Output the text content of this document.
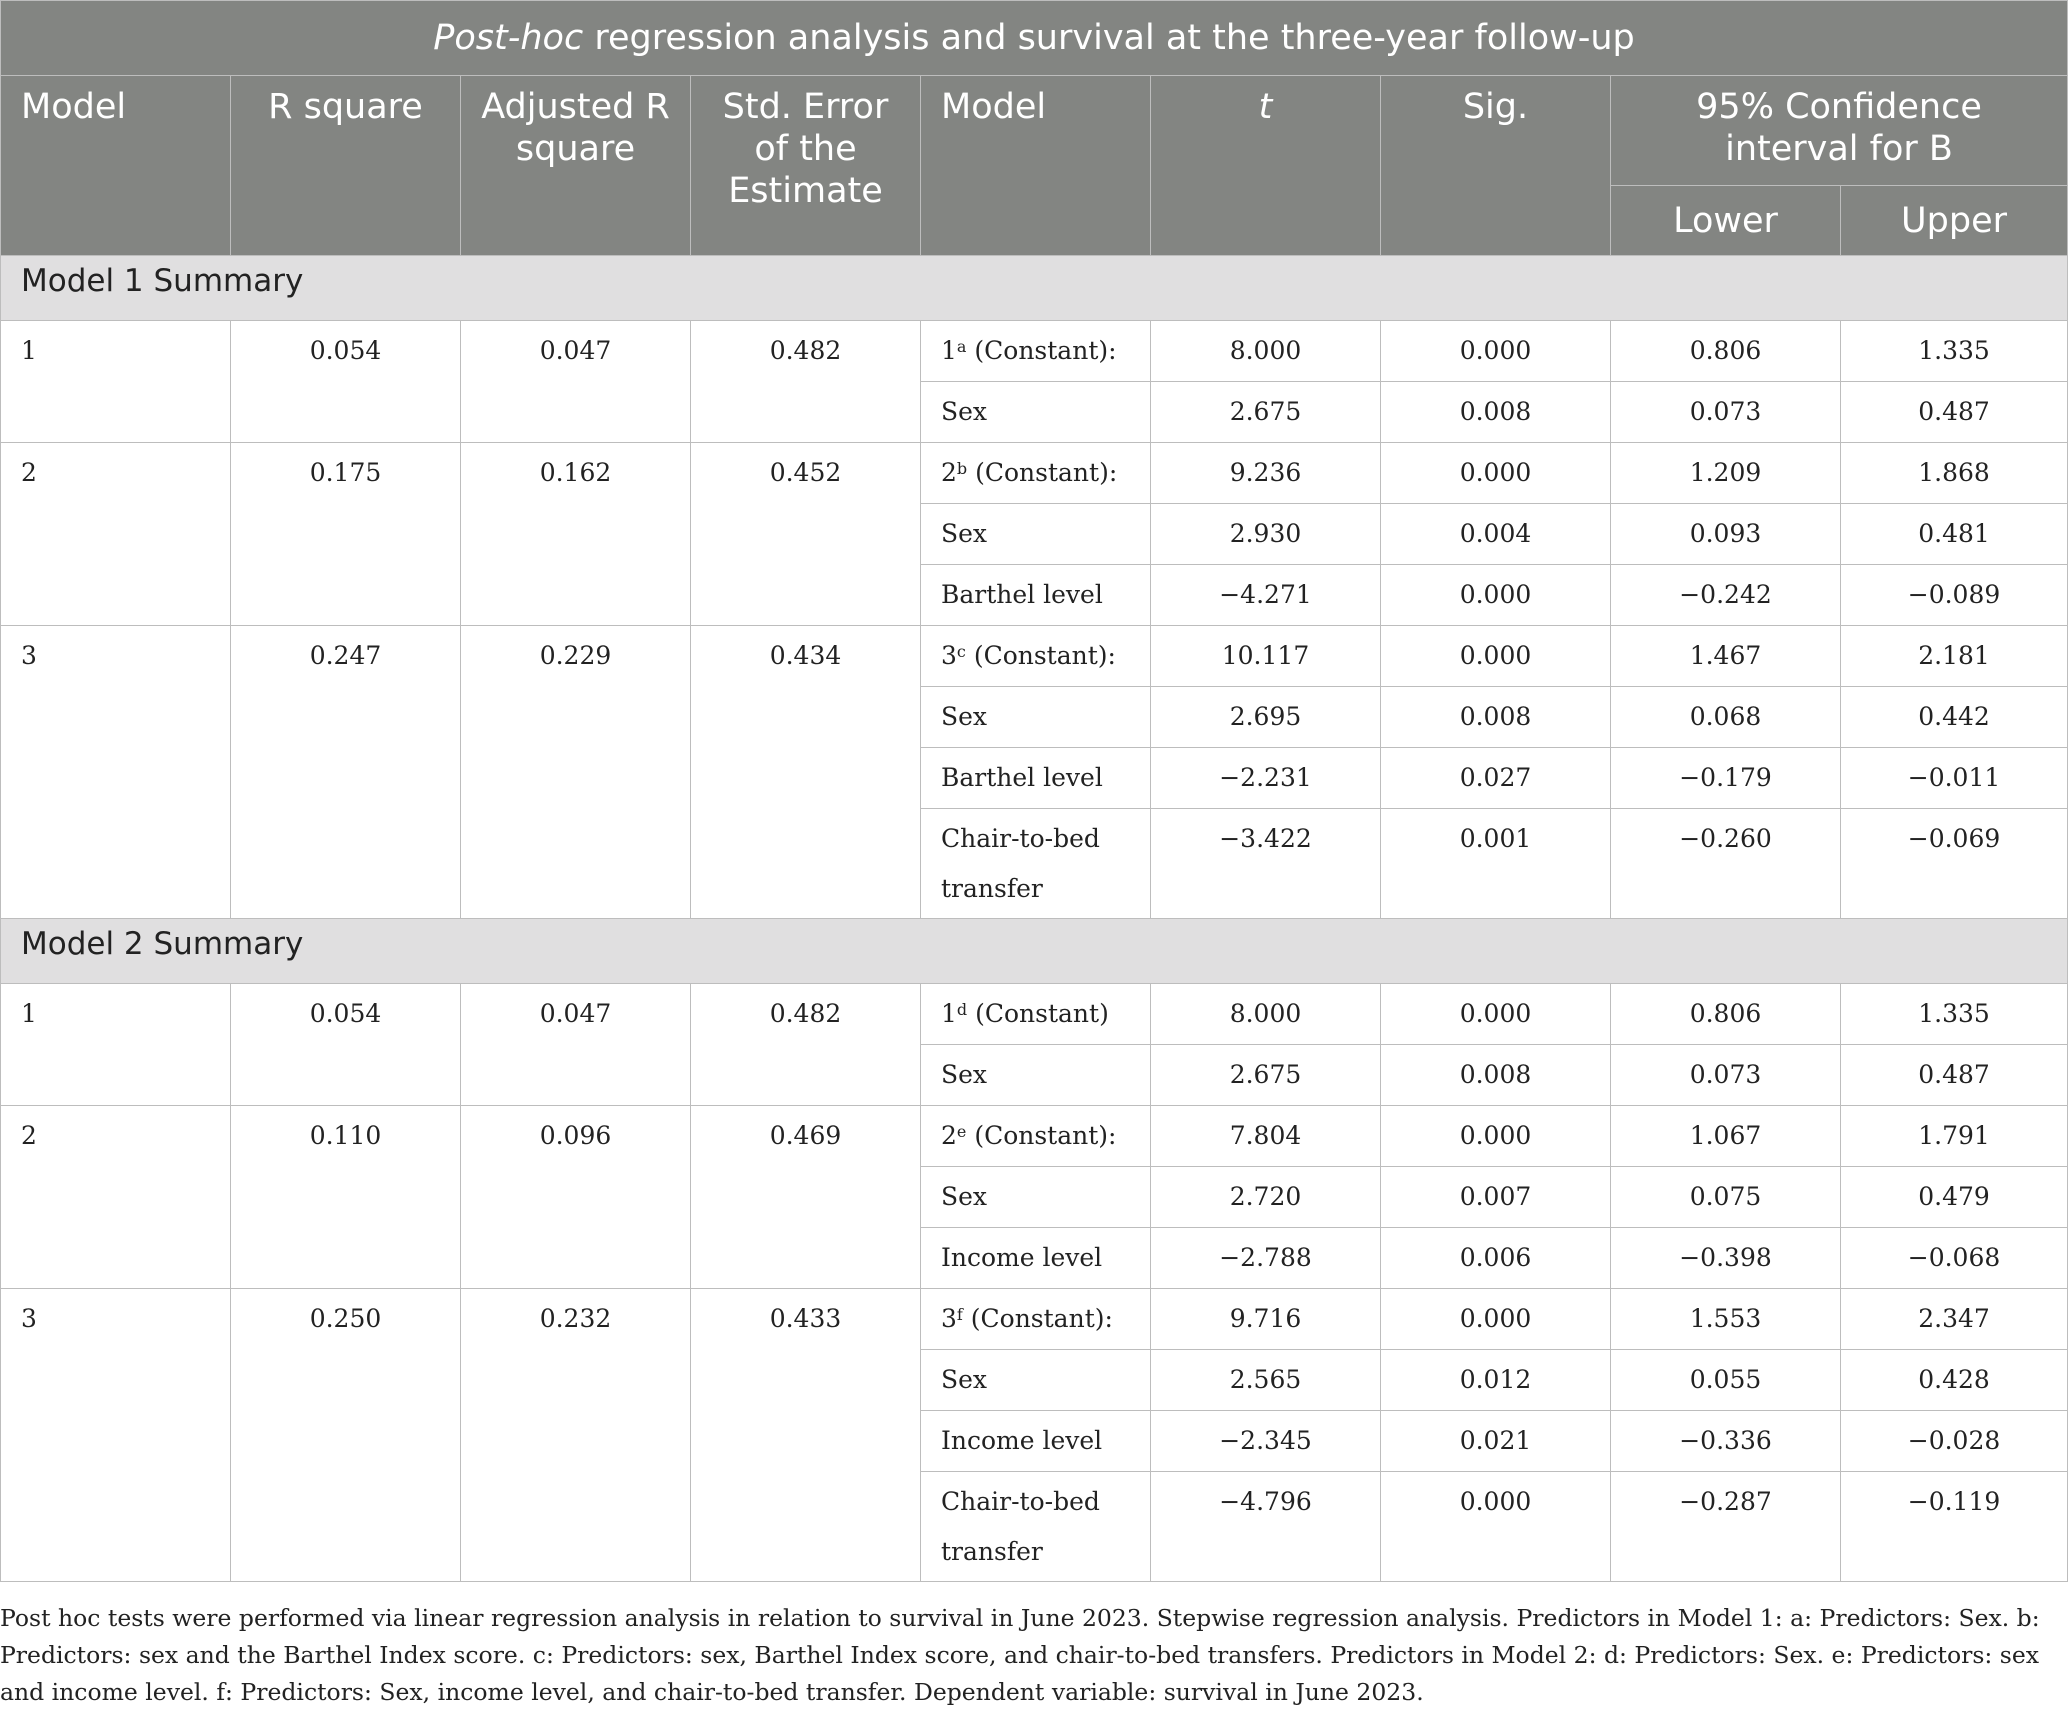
Post-hoc regression analysis and survival at the three-year follow-up								
Model	R square	Adjusted R square	Std. Error of the Estimate	Model	t	Sig.	95% Confidence interval for B	
							Lower	Upper
Model 1 Summary								
1	0.054	0.047	0.482	1$^a$ (Constant):	8.000	0.000	0.806	1.335
				Sex	2.675	0.008	0.073	0.487
2	0.175	0.162	0.452	2$^b$ (Constant):	9.236	0.000	1.209	1.868
				Sex	2.930	0.004	0.093	0.481
				Barthel level	−4.271	0.000	−0.242	−0.089
3	0.247	0.229	0.434	3$^c$ (Constant):	10.117	0.000	1.467	2.181
				Sex	2.695	0.008	0.068	0.442
				Barthel level	−2.231	0.027	−0.179	−0.011
				Chair-to-bed transfer	−3.422	0.001	−0.260	−0.069
Model 2 Summary								
1	0.054	0.047	0.482	1$^d$ (Constant)	8.000	0.000	0.806	1.335
				Sex	2.675	0.008	0.073	0.487
2	0.110	0.096	0.469	2e (Constant):	7.804	0.000	1.067	1.791
				Sex	2.720	0.007	0.075	0.479
				Income level	−2.788	0.006	−0.398	−0.068
3	0.250	0.232	0.433	3$^f$ (Constant):	9.716	0.000	1.553	2.347
				Sex	2.565	0.012	0.055	0.428
				Income level	−2.345	0.021	−0.336	−0.028
				Chair-to-bed transfer	−4.796	0.000	−0.287	−0.119
Post hoc tests were performed via linear regression analysis in relation to survival in June 2023. Stepwise regression analysis. Predictors in Model 1: a: Predictors: Sex. b: Predictors: sex and the Barthel Index score. c: Predictors: sex, Barthel Index score, and chair-to-bed transfers. Predictors in Model 2: d: Predictors: Sex. e: Predictors: sex and income level. f: Predictors: Sex, income level, and chair-to-bed transfer. Dependent variable: survival in June 2023.
